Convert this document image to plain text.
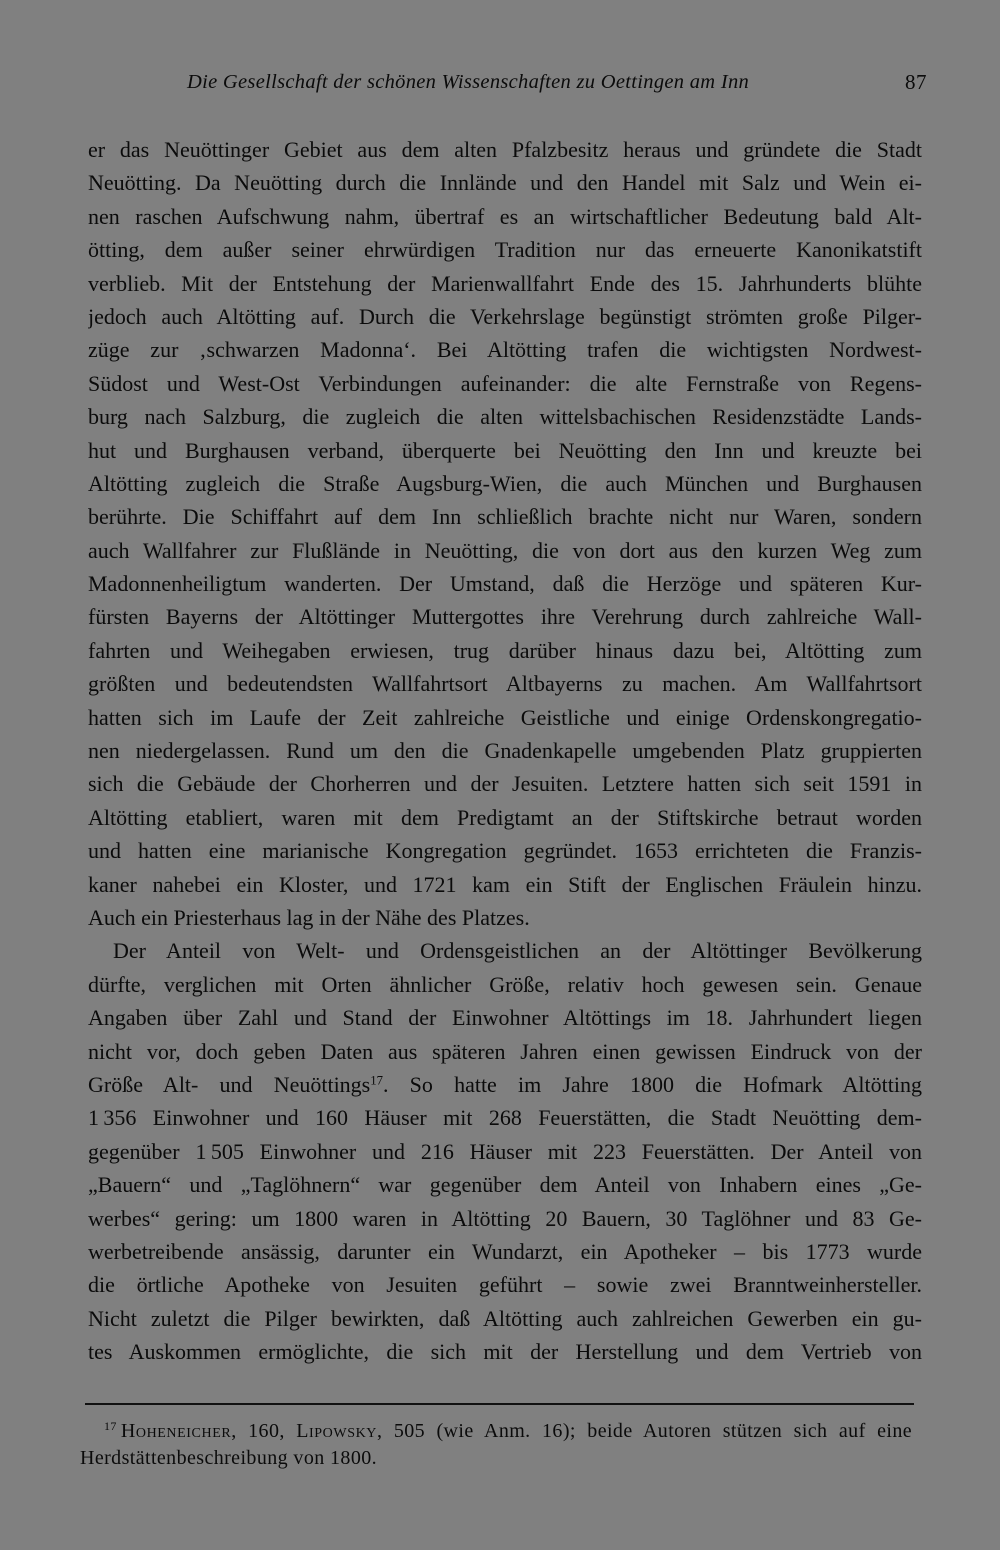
Die Gesellschaft der schönen Wissenschaften zu Oettingen am Inn	87
er das Neuöttinger Gebiet aus dem alten Pfalzbesitz heraus und gründete die Stadt
Neuötting. Da Neuötting durch die Innlände und den Handel mit Salz und Wein ei-
nen raschen Aufschwung nahm, übertraf es an wirtschaftlicher Bedeutung bald Alt-
ötting, dem außer seiner ehrwürdigen Tradition nur das erneuerte Kanonikatstift
verblieb. Mit der Entstehung der Marienwallfahrt Ende des 15. Jahrhunderts blühte
jedoch auch Altötting auf. Durch die Verkehrslage begünstigt strömten große Pilger-
züge zur ‚schwarzen Madonna‘. Bei Altötting trafen die wichtigsten Nordwest-
Südost und West-Ost Verbindungen aufeinander: die alte Fernstraße von Regens-
burg nach Salzburg, die zugleich die alten wittelsbachischen Residenzstädte Lands-
hut und Burghausen verband, überquerte bei Neuötting den Inn und kreuzte bei
Altötting zugleich die Straße Augsburg-Wien, die auch München und Burghausen
berührte. Die Schiffahrt auf dem Inn schließlich brachte nicht nur Waren, sondern
auch Wallfahrer zur Flußlände in Neuötting, die von dort aus den kurzen Weg zum
Madonnenheiligtum wanderten. Der Umstand, daß die Herzöge und späteren Kur-
fürsten Bayerns der Altöttinger Muttergottes ihre Verehrung durch zahlreiche Wall-
fahrten und Weihegaben erwiesen, trug darüber hinaus dazu bei, Altötting zum
größten und bedeutendsten Wallfahrtsort Altbayerns zu machen. Am Wallfahrtsort
hatten sich im Laufe der Zeit zahlreiche Geistliche und einige Ordenskongregatio-
nen niedergelassen. Rund um den die Gnadenkapelle umgebenden Platz gruppierten
sich die Gebäude der Chorherren und der Jesuiten. Letztere hatten sich seit 1591 in
Altötting etabliert, waren mit dem Predigtamt an der Stiftskirche betraut worden
und hatten eine marianische Kongregation gegründet. 1653 errichteten die Franzis-
kaner nahebei ein Kloster, und 1721 kam ein Stift der Englischen Fräulein hinzu.
Auch ein Priesterhaus lag in der Nähe des Platzes.
Der Anteil von Welt- und Ordensgeistlichen an der Altöttinger Bevölkerung
dürfte, verglichen mit Orten ähnlicher Größe, relativ hoch gewesen sein. Genaue
Angaben über Zahl und Stand der Einwohner Altöttings im 18. Jahrhundert liegen
nicht vor, doch geben Daten aus späteren Jahren einen gewissen Eindruck von der
Größe Alt- und Neuöttings$^{17}$. So hatte im Jahre 1800 die Hofmark Altötting
1 356 Einwohner und 160 Häuser mit 268 Feuerstätten, die Stadt Neuötting dem-
gegenüber 1 505 Einwohner und 216 Häuser mit 223 Feuerstätten. Der Anteil von
„Bauern“ und „Taglöhnern“ war gegenüber dem Anteil von Inhabern eines „Ge-
werbes“ gering: um 1800 waren in Altötting 20 Bauern, 30 Taglöhner und 83 Ge-
werbetreibende ansässig, darunter ein Wundarzt, ein Apotheker – bis 1773 wurde
die örtliche Apotheke von Jesuiten geführt – sowie zwei Branntweinhersteller.
Nicht zuletzt die Pilger bewirkten, daß Altötting auch zahlreichen Gewerben ein gu-
tes Auskommen ermöglichte, die sich mit der Herstellung und dem Vertrieb von
$^{17}$ Hoheneicher, 160, Lipowsky, 505 (wie Anm. 16); beide Autoren stützen sich auf eine
Herdstättenbeschreibung von 1800.
